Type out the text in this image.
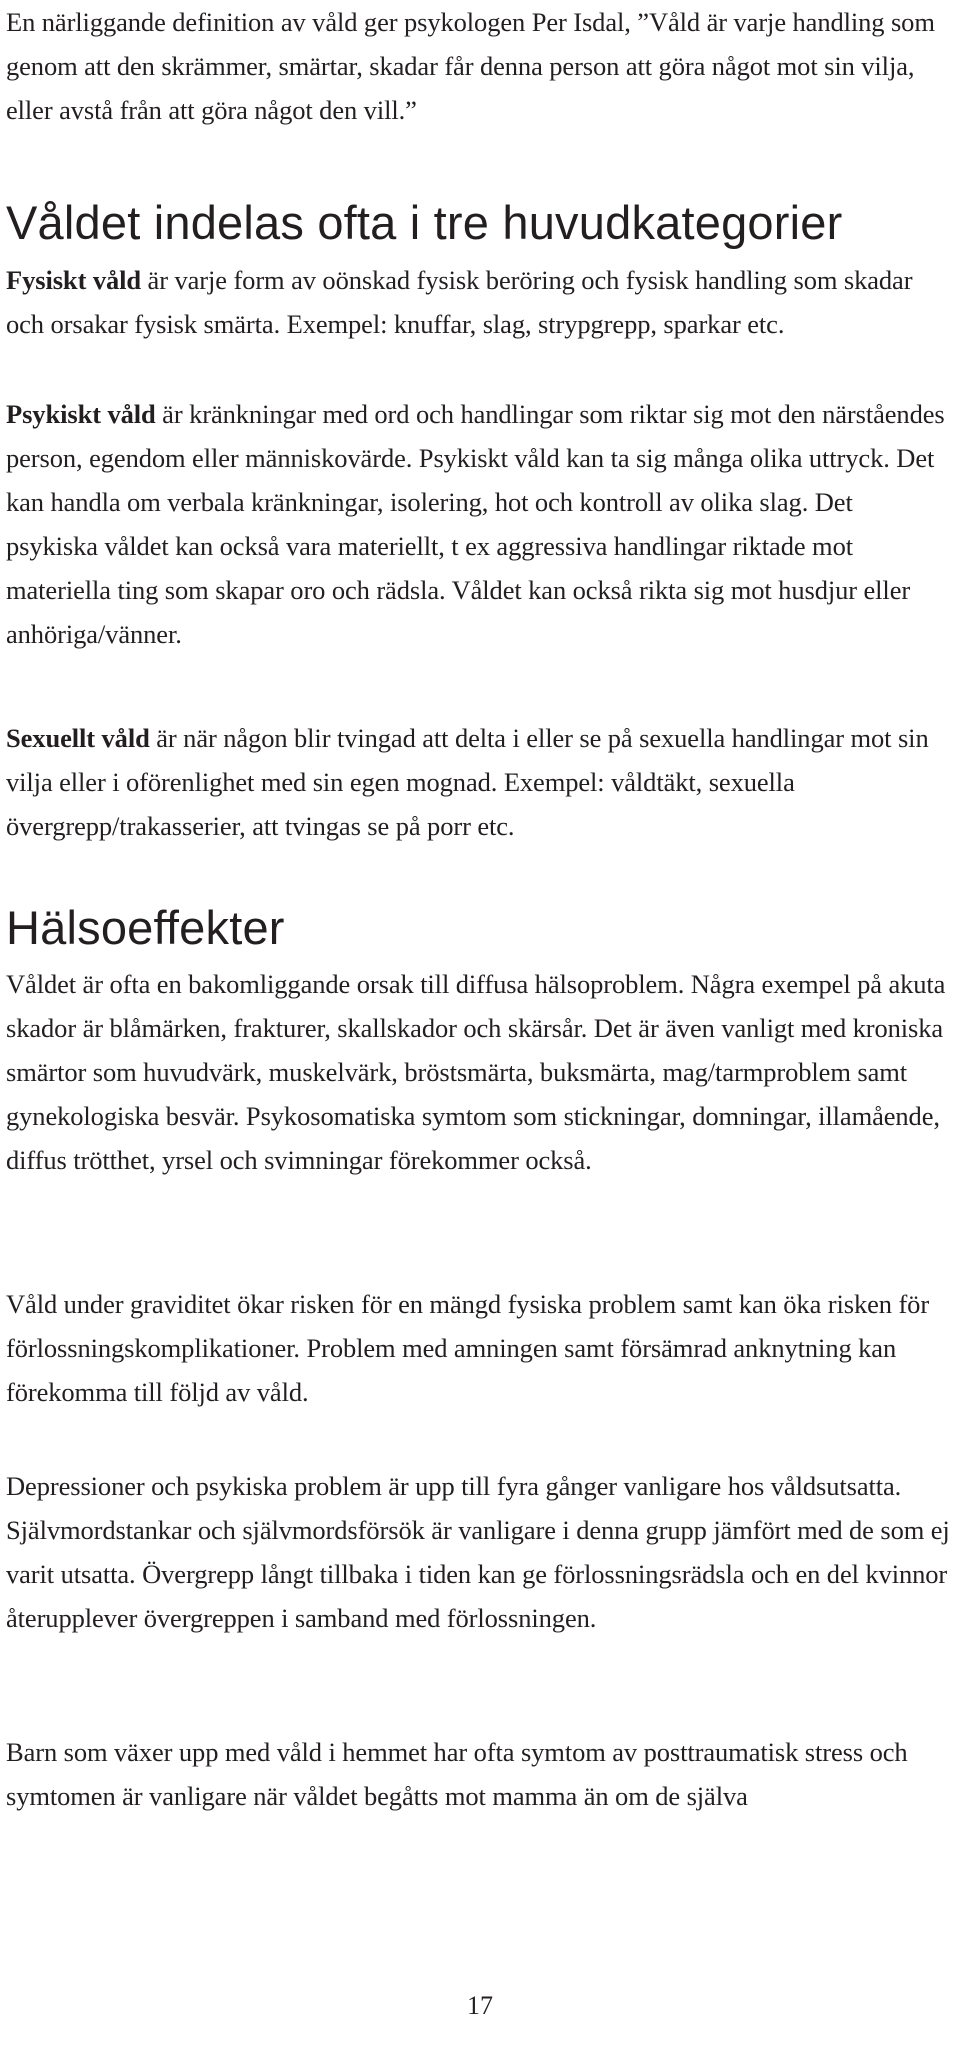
En närliggande definition av våld ger psykologen Per Isdal, ”Våld är varje handling som genom att den skrämmer, smärtar, skadar får denna person att göra något mot sin vilja, eller avstå från att göra något den vill.”

Våldet indelas ofta i tre huvudkategorier

Fysiskt våld är varje form av oönskad fysisk beröring och fysisk handling som skadar och orsakar fysisk smärta. Exempel: knuffar, slag, strypgrepp, sparkar etc.

Psykiskt våld är kränkningar med ord och handlingar som riktar sig mot den närståendes person, egendom eller människovärde. Psykiskt våld kan ta sig många olika uttryck. Det kan handla om verbala kränkningar, isolering, hot och kontroll av olika slag. Det psykiska våldet kan också vara materiellt, t ex aggressiva handlingar riktade mot materiella ting som skapar oro och rädsla. Våldet kan också rikta sig mot husdjur eller anhöriga/vänner.

Sexuellt våld är när någon blir tvingad att delta i eller se på sexuella handlingar mot sin vilja eller i oförenlighet med sin egen mognad. Exempel: våldtäkt, sexuella övergrepp/trakasserier, att tvingas se på porr etc.

Hälsoeffekter

Våldet är ofta en bakomliggande orsak till diffusa hälsoproblem. Några exempel på akuta skador är blåmärken, frakturer, skallskador och skärsår. Det är även vanligt med kroniska smärtor som huvudvärk, muskelvärk, bröstsmärta, buksmärta, mag/tarmproblem samt gynekologiska besvär. Psykosomatiska symtom som stickningar, domningar, illamående, diffus trötthet, yrsel och svimningar förekommer också.

Våld under graviditet ökar risken för en mängd fysiska problem samt kan öka risken för förlossningskomplikationer. Problem med amningen samt försämrad anknytning kan förekomma till följd av våld.

Depressioner och psykiska problem är upp till fyra gånger vanligare hos våldsutsatta. Självmordstankar och självmordsförsök är vanligare i denna grupp jämfört med de som ej varit utsatta. Övergrepp långt tillbaka i tiden kan ge förlossningsrädsla och en del kvinnor återupplever övergreppen i samband med förlossningen.

Barn som växer upp med våld i hemmet har ofta symtom av posttraumatisk stress och symtomen är vanligare när våldet begåtts mot mamma än om de själva

17
